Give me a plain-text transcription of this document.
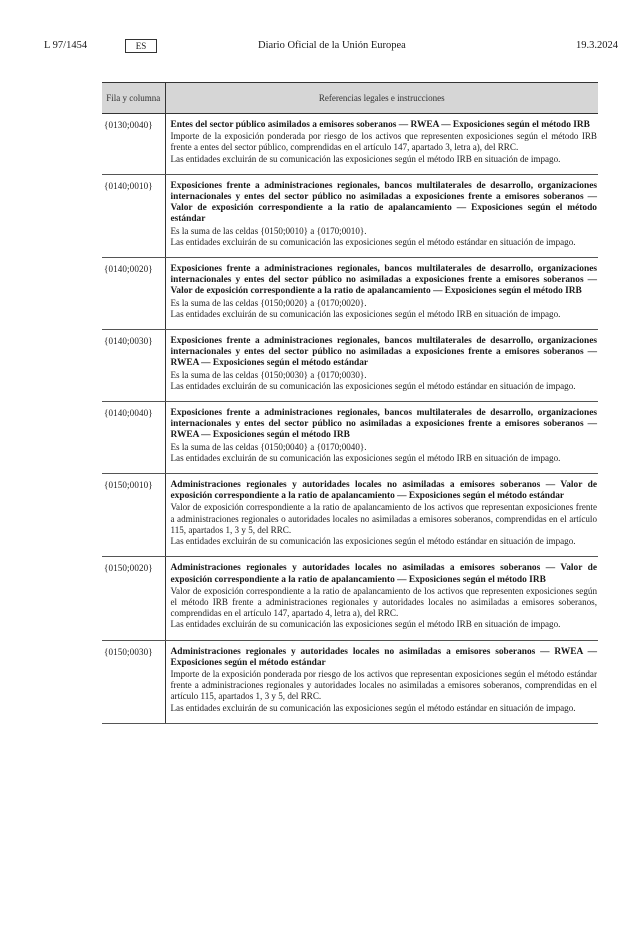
L 97/1454	ES	Diario Oficial de la Unión Europea	19.3.2024
Fila y columna	Referencias legales e instrucciones
{0130;0040}	Entes del sector público asimilados a emisores soberanos — RWEA — Exposiciones según el método IRB
Importe de la exposición ponderada por riesgo de los activos que representen exposiciones según el método IRB frente a entes del sector público, comprendidas en el artículo 147, apartado 3, letra a), del RRC.
Las entidades excluirán de su comunicación las exposiciones según el método IRB en situación de impago.

{0140;0010}	Exposiciones frente a administraciones regionales, bancos multilaterales de desarrollo, organizaciones internacionales y entes del sector público no asimiladas a exposiciones frente a emisores soberanos — Valor de exposición correspondiente a la ratio de apalancamiento — Exposiciones según el método estándar
Es la suma de las celdas {0150;0010} a {0170;0010}.
Las entidades excluirán de su comunicación las exposiciones según el método estándar en situación de impago.

{0140;0020}	Exposiciones frente a administraciones regionales, bancos multilaterales de desarrollo, organizaciones internacionales y entes del sector público no asimiladas a exposiciones frente a emisores soberanos — Valor de exposición correspondiente a la ratio de apalancamiento — Exposiciones según el método IRB
Es la suma de las celdas {0150;0020} a {0170;0020}.
Las entidades excluirán de su comunicación las exposiciones según el método IRB en situación de impago.

{0140;0030}	Exposiciones frente a administraciones regionales, bancos multilaterales de desarrollo, organizaciones internacionales y entes del sector público no asimiladas a exposiciones frente a emisores soberanos — RWEA — Exposiciones según el método estándar
Es la suma de las celdas {0150;0030} a {0170;0030}.
Las entidades excluirán de su comunicación las exposiciones según el método estándar en situación de impago.

{0140;0040}	Exposiciones frente a administraciones regionales, bancos multilaterales de desarrollo, organizaciones internacionales y entes del sector público no asimiladas a exposiciones frente a emisores soberanos — RWEA — Exposiciones según el método IRB
Es la suma de las celdas {0150;0040} a {0170;0040}.
Las entidades excluirán de su comunicación las exposiciones según el método IRB en situación de impago.

{0150;0010}	Administraciones regionales y autoridades locales no asimiladas a emisores soberanos — Valor de exposición correspondiente a la ratio de apalancamiento — Exposiciones según el método estándar
Valor de exposición correspondiente a la ratio de apalancamiento de los activos que representan exposiciones frente a administraciones regionales o autoridades locales no asimiladas a emisores soberanos, comprendidas en el artículo 115, apartados 1, 3 y 5, del RRC.
Las entidades excluirán de su comunicación las exposiciones según el método estándar en situación de impago.

{0150;0020}	Administraciones regionales y autoridades locales no asimiladas a emisores soberanos — Valor de exposición correspondiente a la ratio de apalancamiento — Exposiciones según el método IRB
Valor de exposición correspondiente a la ratio de apalancamiento de los activos que representen exposiciones según el método IRB frente a administraciones regionales y autoridades locales no asimiladas a emisores soberanos, comprendidas en el artículo 147, apartado 4, letra a), del RRC.
Las entidades excluirán de su comunicación las exposiciones según el método IRB en situación de impago.

{0150;0030}	Administraciones regionales y autoridades locales no asimiladas a emisores soberanos — RWEA — Exposiciones según el método estándar
Importe de la exposición ponderada por riesgo de los activos que representan exposiciones según el método estándar frente a administraciones regionales y autoridades locales no asimiladas a emisores soberanos, comprendidas en el artículo 115, apartados 1, 3 y 5, del RRC.
Las entidades excluirán de su comunicación las exposiciones según el método estándar en situación de impago.
